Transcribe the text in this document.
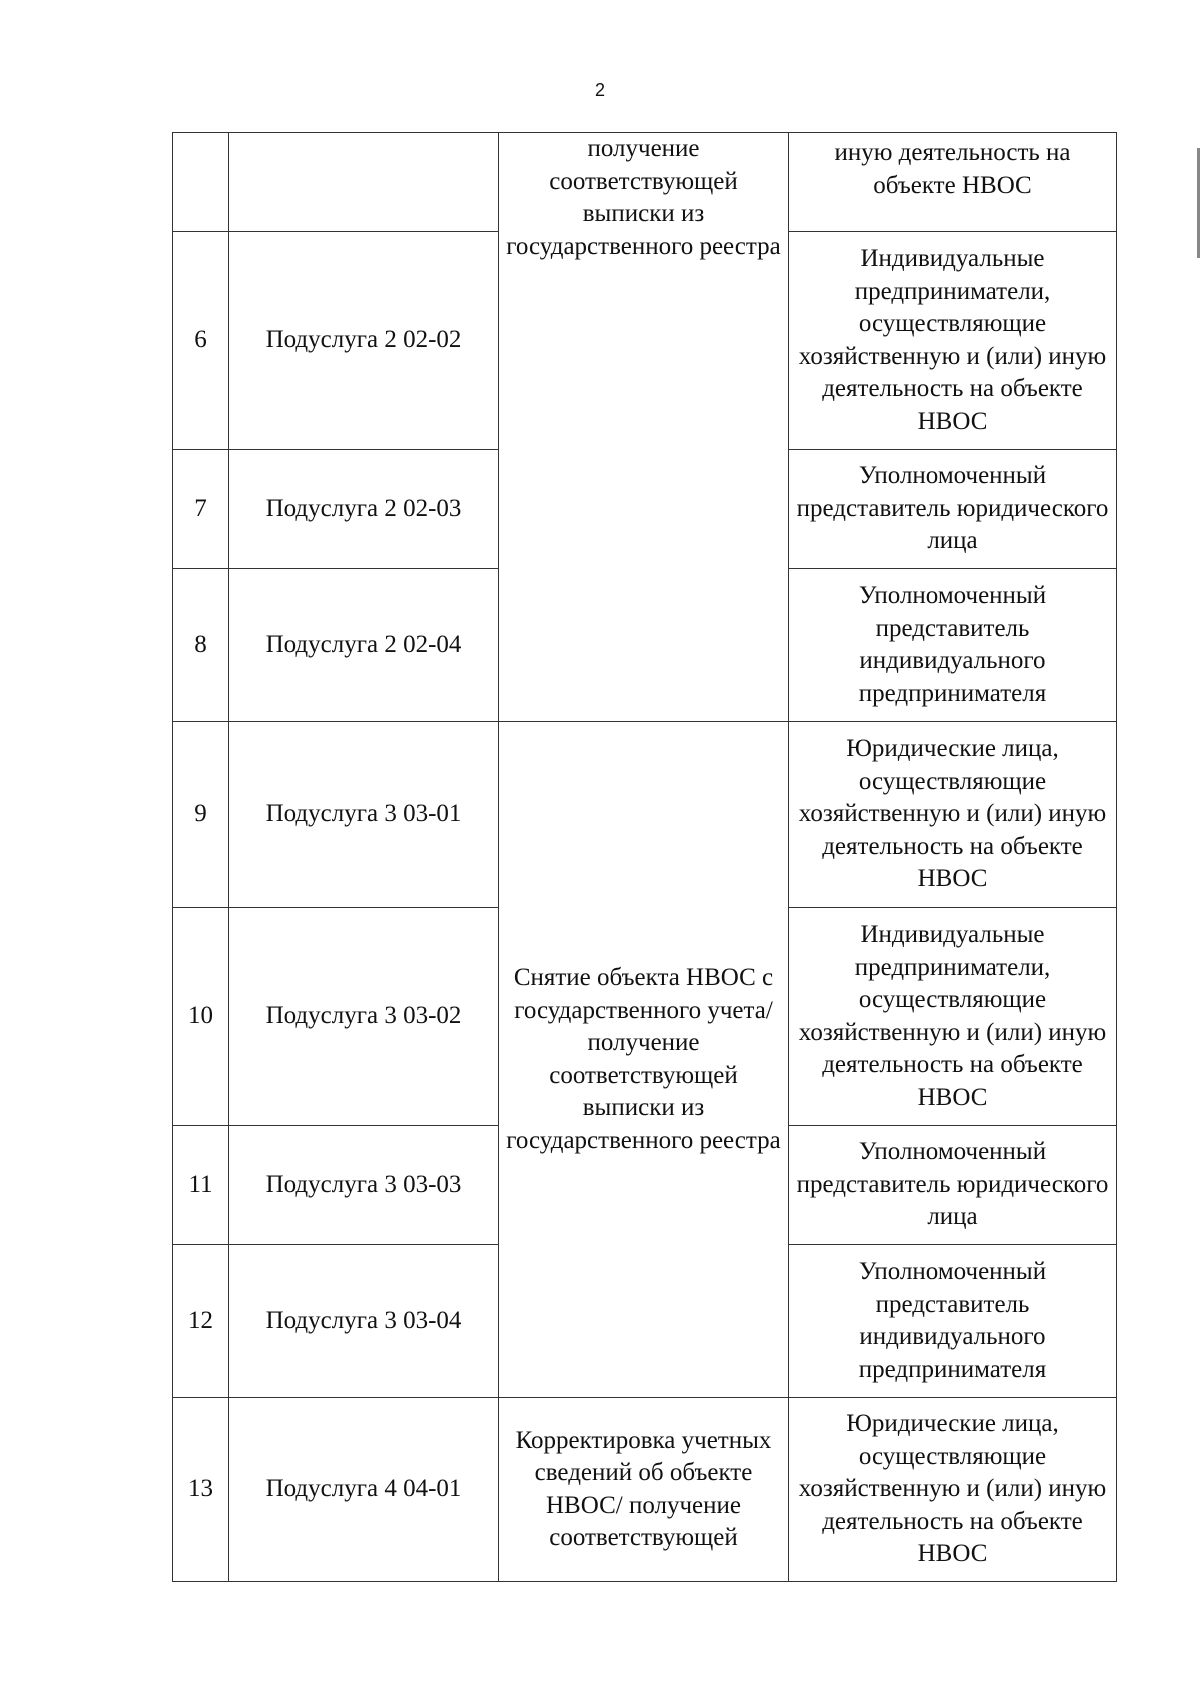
2

		получение соответствующей выписки из государственного реестра	иную деятельность на объекте НВОС
6	Подуслуга 2 02-02		Индивидуальные предприниматели, осуществляющие хозяйственную и (или) иную деятельность на объекте НВОС
7	Подуслуга 2 02-03		Уполномоченный представитель юридического лица
8	Подуслуга 2 02-04		Уполномоченный представитель индивидуального предпринимателя
9	Подуслуга 3 03-01	Снятие объекта НВОС с государственного учета/ получение соответствующей выписки из государственного реестра	Юридические лица, осуществляющие хозяйственную и (или) иную деятельность на объекте НВОС
10	Подуслуга 3 03-02		Индивидуальные предприниматели, осуществляющие хозяйственную и (или) иную деятельность на объекте НВОС
11	Подуслуга 3 03-03		Уполномоченный представитель юридического лица
12	Подуслуга 3 03-04		Уполномоченный представитель индивидуального предпринимателя
13	Подуслуга 4 04-01	Корректировка учетных сведений об объекте НВОС/ получение соответствующей	Юридические лица, осуществляющие хозяйственную и (или) иную деятельность на объекте НВОС
